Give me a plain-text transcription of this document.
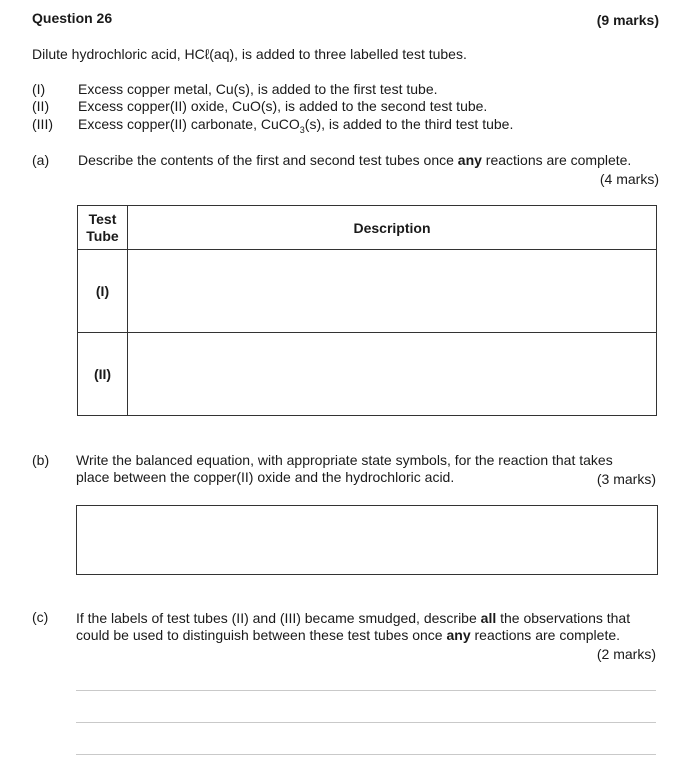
Question 26	(9 marks)
Dilute hydrochloric acid, HCℓ(aq), is added to three labelled test tubes.
(I) Excess copper metal, Cu(s), is added to the first test tube.
(II) Excess copper(II) oxide, CuO(s), is added to the second test tube.
(III) Excess copper(II) carbonate, CuCO$_3$(s), is added to the third test tube.
(a) Describe the contents of the first and second test tubes once any reactions are complete.
(4 marks)
Test Tube	Description
(I)	
(II)	
(b) Write the balanced equation, with appropriate state symbols, for the reaction that takes
place between the copper(II) oxide and the hydrochloric acid.	(3 marks)
(c) If the labels of test tubes (II) and (III) became smudged, describe all the observations that
could be used to distinguish between these test tubes once any reactions are complete.
(2 marks)
